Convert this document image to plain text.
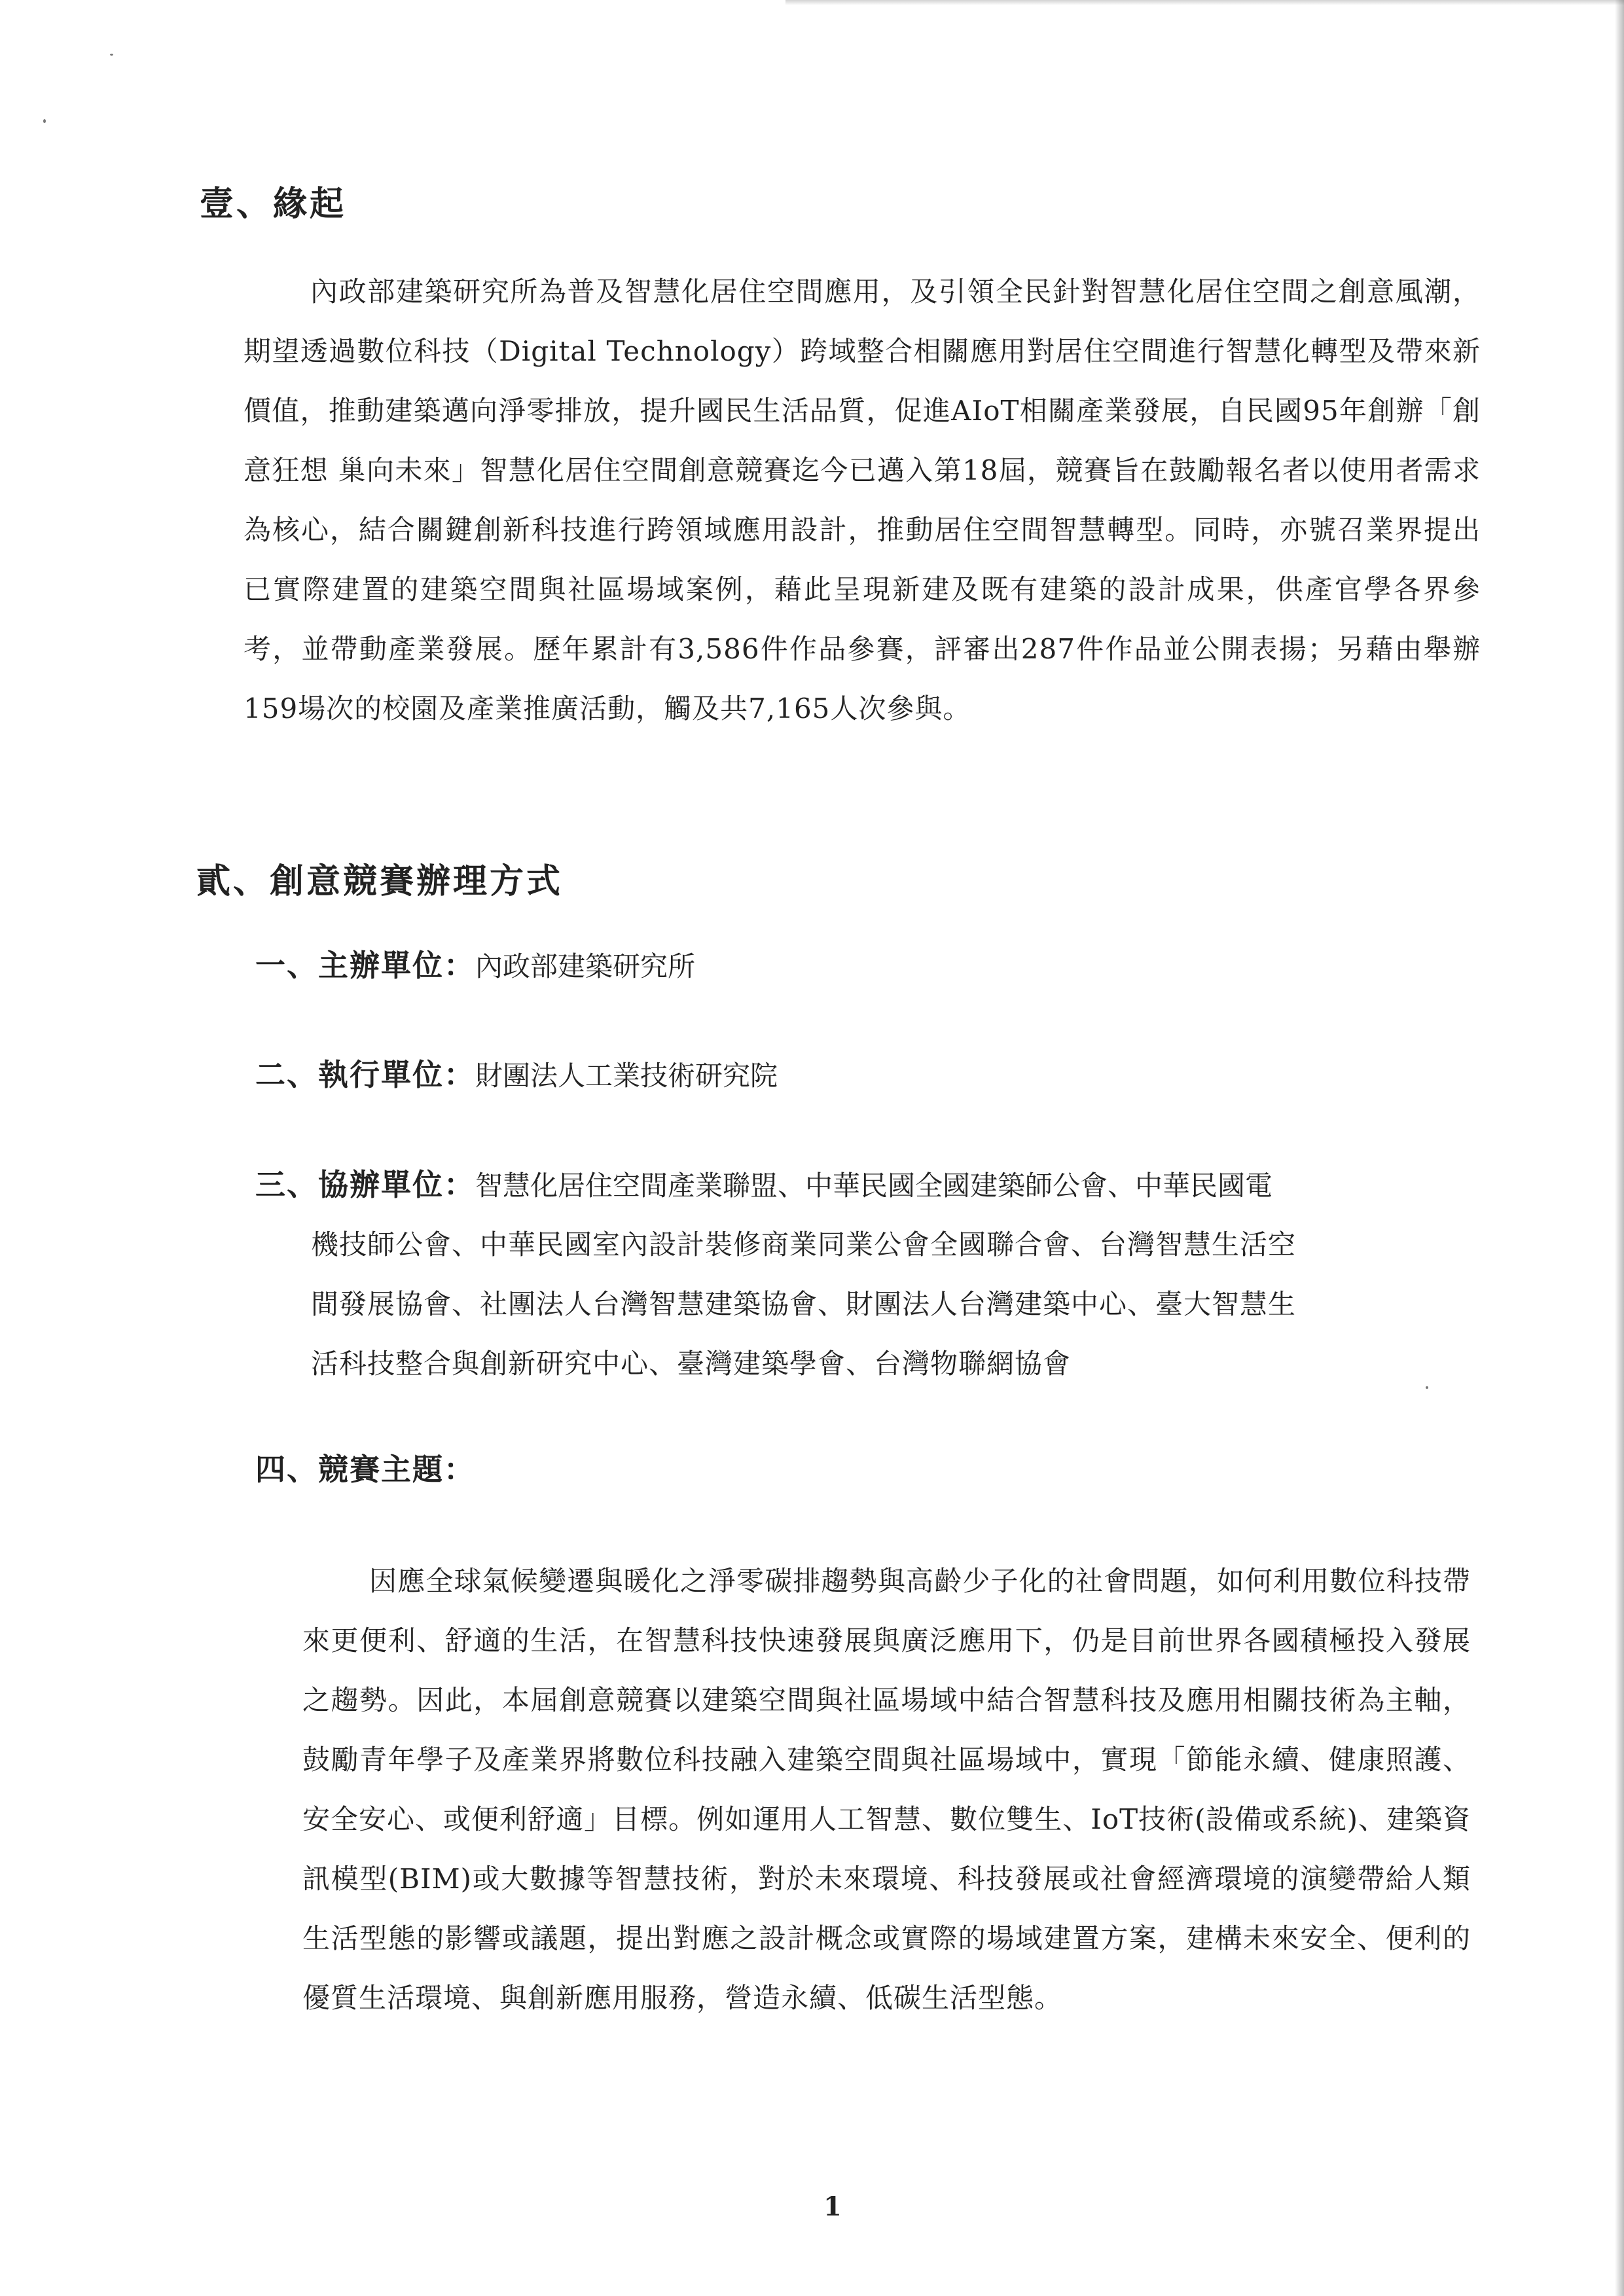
壹、緣起
內政部建築研究所為普及智慧化居住空間應用，及引領全民針對智慧化居住空間之創意風潮，期望透過數位科技（Digital Technology）跨域整合相關應用對居住空間進行智慧化轉型及帶來新價值，推動建築邁向淨零排放，提升國民生活品質，促進AIoT相關產業發展，自民國95年創辦「創意狂想 巢向未來」智慧化居住空間創意競賽迄今已邁入第18屆，競賽旨在鼓勵報名者以使用者需求為核心，結合關鍵創新科技進行跨領域應用設計，推動居住空間智慧轉型。同時，亦號召業界提出已實際建置的建築空間與社區場域案例，藉此呈現新建及既有建築的設計成果，供產官學各界參考，並帶動產業發展。歷年累計有3,586件作品參賽，評審出287件作品並公開表揚；另藉由舉辦159場次的校園及產業推廣活動，觸及共7,165人次參與。
貳、創意競賽辦理方式
一、主辦單位：內政部建築研究所
二、執行單位：財團法人工業技術研究院
三、協辦單位：智慧化居住空間產業聯盟、中華民國全國建築師公會、中華民國電
機技師公會、中華民國室內設計裝修商業同業公會全國聯合會、台灣智慧生活空
間發展協會、社團法人台灣智慧建築協會、財團法人台灣建築中心、臺大智慧生
活科技整合與創新研究中心、臺灣建築學會、台灣物聯網協會
四、競賽主題：
因應全球氣候變遷與暖化之淨零碳排趨勢與高齡少子化的社會問題，如何利用數位科技帶來更便利、舒適的生活，在智慧科技快速發展與廣泛應用下，仍是目前世界各國積極投入發展之趨勢。因此，本屆創意競賽以建築空間與社區場域中結合智慧科技及應用相關技術為主軸，鼓勵青年學子及產業界將數位科技融入建築空間與社區場域中，實現「節能永續、健康照護、安全安心、或便利舒適」目標。例如運用人工智慧、數位雙生、IoT技術(設備或系統)、建築資訊模型(BIM)或大數據等智慧技術，對於未來環境、科技發展或社會經濟環境的演變帶給人類生活型態的影響或議題，提出對應之設計概念或實際的場域建置方案，建構未來安全、便利的優質生活環境、與創新應用服務，營造永續、低碳生活型態。
1
